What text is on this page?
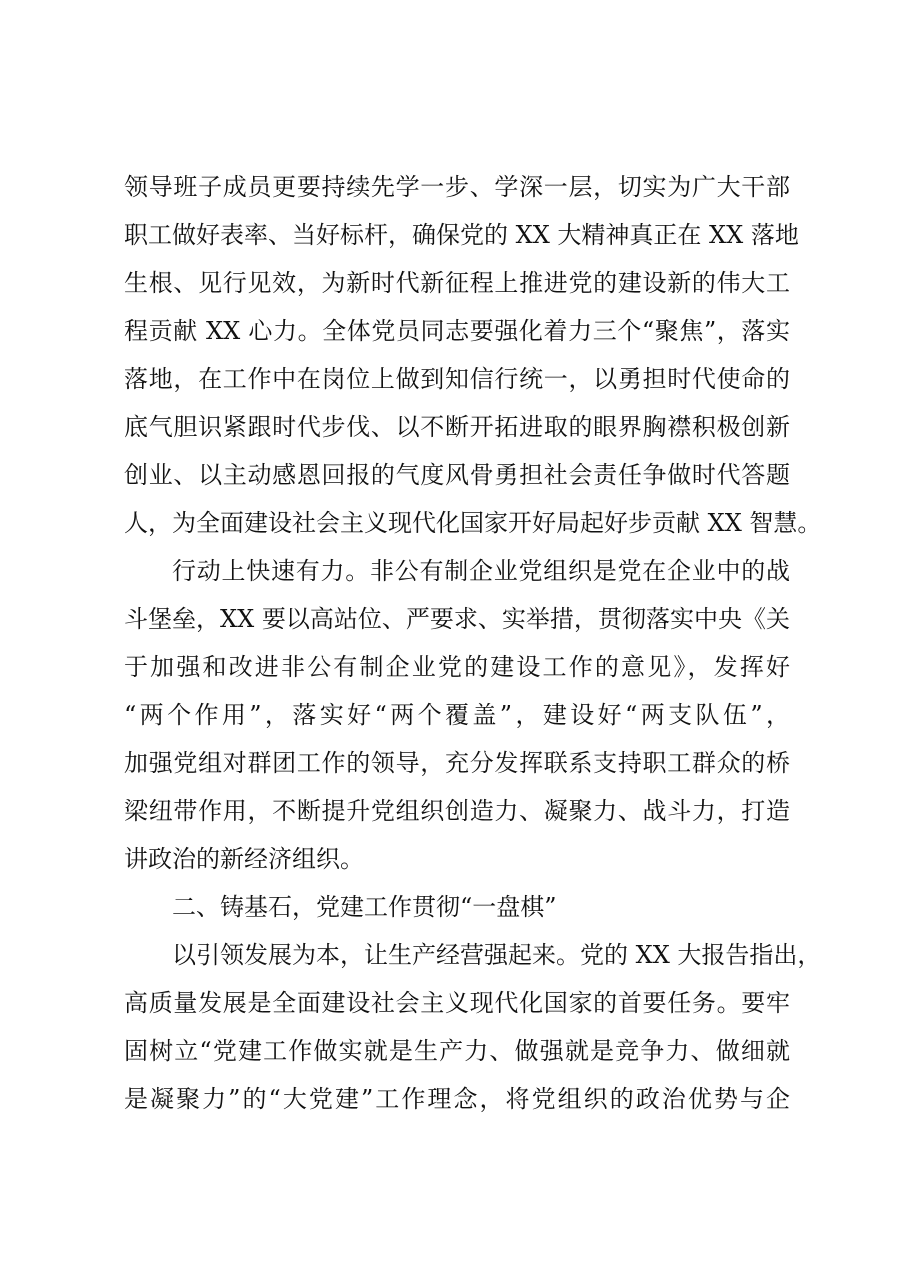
领导班子成员更要持续先学一步、学深一层，切实为广大干部
职工做好表率、当好标杆，确保党的 XX 大精神真正在 XX 落地
生根、见行见效，为新时代新征程上推进党的建设新的伟大工
程贡献 XX 心力。全体党员同志要强化着力三个“聚焦”，落实
落地，在工作中在岗位上做到知信行统一，以勇担时代使命的
底气胆识紧跟时代步伐、以不断开拓进取的眼界胸襟积极创新
创业、以主动感恩回报的气度风骨勇担社会责任争做时代答题
人，为全面建设社会主义现代化国家开好局起好步贡献 XX 智慧。
行动上快速有力。非公有制企业党组织是党在企业中的战
斗堡垒，XX 要以高站位、严要求、实举措，贯彻落实中央《关
于加强和改进非公有制企业党的建设工作的意见》，发挥好
“两个作用”，落实好“两个覆盖”，建设好“两支队伍”，
加强党组对群团工作的领导，充分发挥联系支持职工群众的桥
梁纽带作用，不断提升党组织创造力、凝聚力、战斗力，打造
讲政治的新经济组织。
二、铸基石，党建工作贯彻“一盘棋”
以引领发展为本，让生产经营强起来。党的 XX 大报告指出，
高质量发展是全面建设社会主义现代化国家的首要任务。要牢
固树立“党建工作做实就是生产力、做强就是竞争力、做细就
是凝聚力”的“大党建”工作理念，将党组织的政治优势与企
